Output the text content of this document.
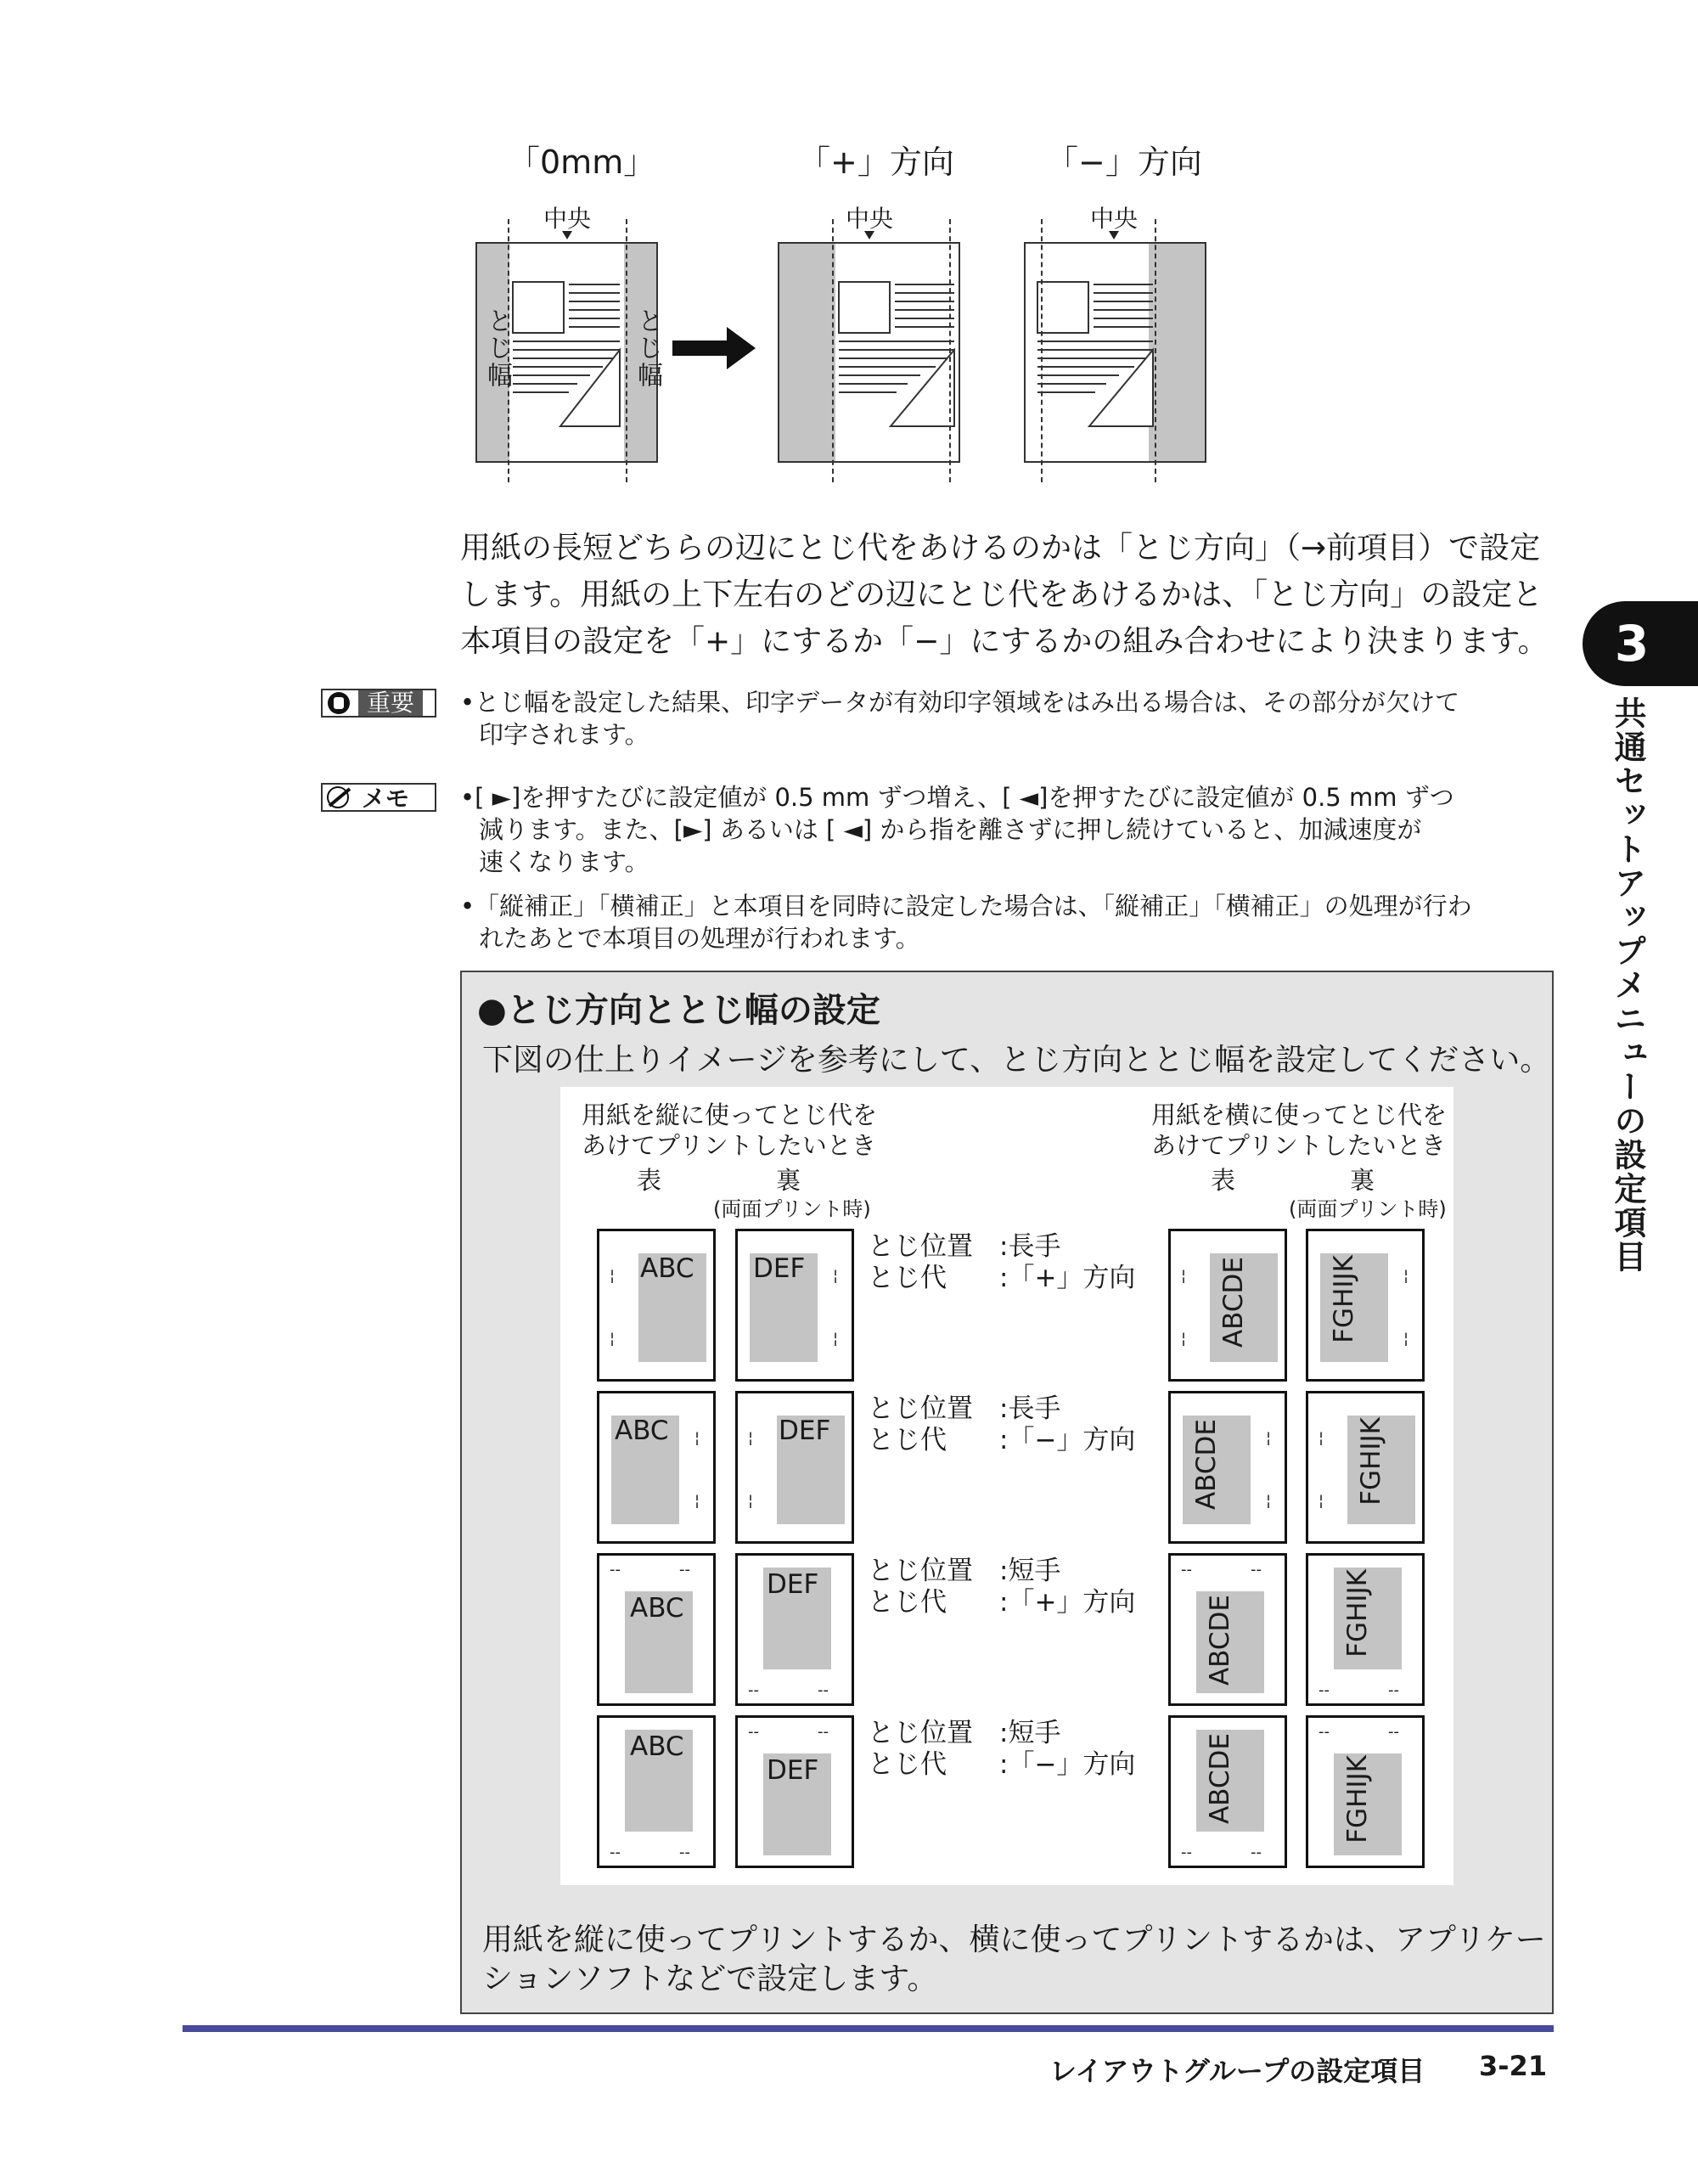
「0mm」	「+」方向	「−」方向
中央
とじ幅	とじ幅
中央	中央
用紙の長短どちらの辺にとじ代をあけるのかは「とじ方向」（→前項目）で設定
します。用紙の上下左右のどの辺にとじ代をあけるかは、「とじ方向」の設定と
本項目の設定を「+」にするか「−」にするかの組み合わせにより決まります。
重要	•とじ幅を設定した結果、印字データが有効印字領域をはみ出る場合は、その部分が欠けて
印字されます。
メモ •[ ►]を押すたびに設定値が 0.5 mm ずつ増え、[ ◄]を押すたびに設定値が 0.5 mm ずつ
減ります。また、[►] あるいは [ ◄] から指を離さずに押し続けていると、加減速度が
速くなります。
•「縦補正」「横補正」と本項目を同時に設定した場合は、「縦補正」「横補正」の処理が行わ
れたあとで本項目の処理が行われます。
3
共通セットアップメニューの設定項目
●とじ方向ととじ幅の設定
下図の仕上りイメージを参考にして、とじ方向ととじ幅を設定してください。
用紙を縦に使ってとじ代を
あけてプリントしたいとき
用紙を横に使ってとじ代を
あけてプリントしたいとき
表	裏
(両面プリント時)
表	裏
(両面プリント時)
ABC
¦
¦
DEF ¦
¦
とじ位置　:長手
とじ代　　:「+」方向	ABCDE
¦
¦	FGHIJK	¦
¦
ABC ¦
¦
DEF
¦
¦
とじ位置　:長手
とじ代　　:「−」方向 ABCDE	¦
¦	FGHIJK
¦
¦
ABC
--	--	DEF
--	--
とじ位置　:短手
とじ代　　:「+」方向	ABCDE
--	--	FGHIJK
--	--
ABC
--	--
DEF
--	-- とじ位置　:短手
とじ代　　:「−」方向	ABCDE
--	--
FGHIJK
--	--
用紙を縦に使ってプリントするか、横に使ってプリントするかは、アプリケー
ションソフトなどで設定します。
レイアウトグループの設定項目 3-21
